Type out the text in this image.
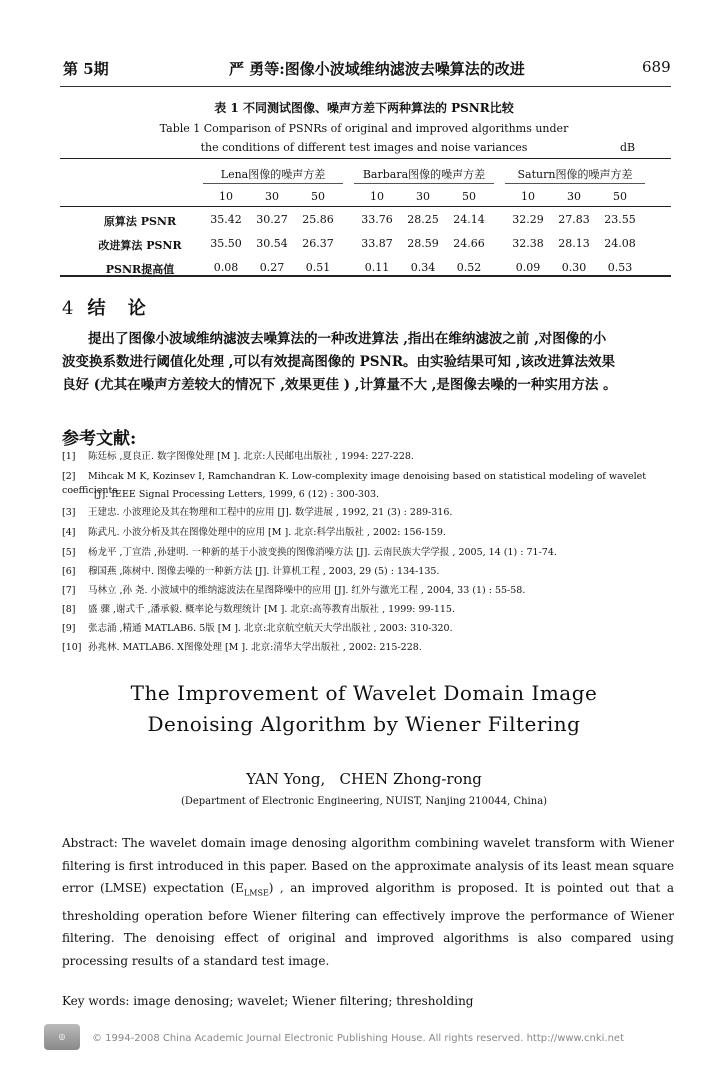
第 5期	严 勇等:图像小波域维纳滤波去噪算法的改进	689
表 1 不同测试图像、噪声方差下两种算法的 PSNR比较
Table 1 Comparison of PSNRs of original and improved algorithms under
the conditions of different test images and noise variances	dB
Lena图像的噪声方差	Barbara图像的噪声方差	Saturn图像的噪声方差
10	30	50	10	30	50	10	30	50
原算法 PSNR	35.42	30.27	25.86	33.76	28.25	24.14	32.29	27.83	23.55
改进算法 PSNR	35.50	30.54	26.37	33.87	28.59	24.66	32.38	28.13	24.08
PSNR提高值	0.08	0.27	0.51	0.11	0.34	0.52	0.09	0.30	0.53
4 结 论
提出了图像小波域维纳滤波去噪算法的一种改进算法 ,指出在维纳滤波之前 ,对图像的小
波变换系数进行阈值化处理 ,可以有效提高图像的 PSNR。由实验结果可知 ,该改进算法效果
良好 (尤其在噪声方差较大的情况下 ,效果更佳 ) ,计算量不大 ,是图像去噪的一种实用方法 。
参考文献:
[1] 陈廷标 ,夏良正. 数字图像处理 [M ]. 北京:人民邮电出版社 , 1994: 227-228.
[2] Mihcak M K, Kozinsev I, Ramchandran K. Low-complexity image denoising based on statistical modeling of wavelet coefficients
[J]. IEEE Signal Processing Letters, 1999, 6 (12) : 300-303.
[3] 王建忠. 小波理论及其在物理和工程中的应用 [J]. 数学进展 , 1992, 21 (3) : 289-316.
[4] 陈武凡. 小波分析及其在图像处理中的应用 [M ]. 北京:科学出版社 , 2002: 156-159.
[5] 杨龙平 ,丁宣浩 ,孙建明. 一种新的基于小波变换的图像消噪方法 [J]. 云南民族大学学报 , 2005, 14 (1) : 71-74.
[6] 穆国燕 ,陈树中. 图像去噪的一种新方法 [J]. 计算机工程 , 2003, 29 (5) : 134-135.
[7] 马林立 ,孙 尧. 小波域中的维纳滤波法在星图降噪中的应用 [J]. 红外与激光工程 , 2004, 33 (1) : 55-58.
[8] 盛 骤 ,谢式千 ,潘承毅. 概率论与数理统计 [M ]. 北京:高等教育出版社 , 1999: 99-115.
[9] 张志涌 ,精通 MATLAB6. 5版 [M ]. 北京:北京航空航天大学出版社 , 2003: 310-320.
[10] 孙兆林. MATLAB6. X图像处理 [M ]. 北京:清华大学出版社 , 2002: 215-228.
The Improvement of Wavelet Domain Image
Denoising Algorithm by Wiener Filtering
YAN Yong,   CHEN Zhong-rong
(Department of Electronic Engineering, NUIST, Nanjing 210044, China)
Abstract: The wavelet domain image denosing algorithm combining wavelet transform with Wiener filtering is first introduced in this paper. Based on the approximate analysis of its least mean square error (LMSE) expectation $(E_{LMSE})$ , an improved algorithm is proposed. It is pointed out that a thresholding operation before Wiener filtering can effectively improve the performance of Wiener filtering. The denoising effect of original and improved algorithms is also compared using processing results of a standard test image.
Key words: image denosing; wavelet; Wiener filtering; thresholding
◎	© 1994-2008 China Academic Journal Electronic Publishing House. All rights reserved. http://www.cnki.net
